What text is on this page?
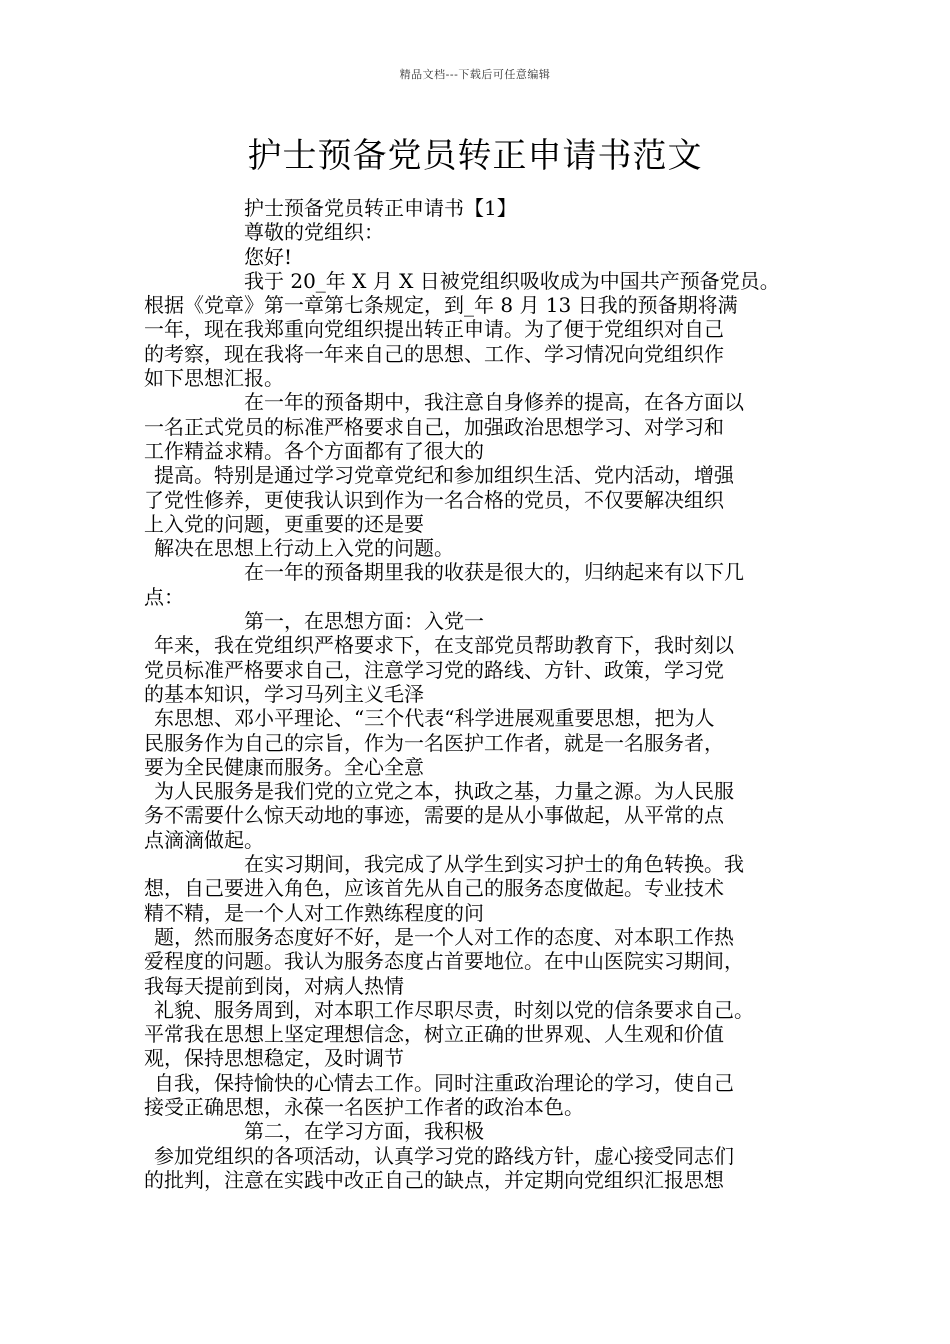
精品文档---下载后可任意编辑
护士预备党员转正申请书范文
护士预备党员转正申请书【1】
尊敬的党组织：
您好!
我于 20_年 X 月 X 日被党组织吸收成为中国共产预备党员。
根据《党章》第一章第七条规定，到_年 8 月 13 日我的预备期将满
一年，现在我郑重向党组织提出转正申请。为了便于党组织对自己
的考察，现在我将一年来自己的思想、工作、学习情况向党组织作
如下思想汇报。
在一年的预备期中，我注意自身修养的提高，在各方面以
一名正式党员的标准严格要求自己，加强政治思想学习、对学习和
工作精益求精。各个方面都有了很大的
提高。特别是通过学习党章党纪和参加组织生活、党内活动，增强
了党性修养，更使我认识到作为一名合格的党员，不仅要解决组织
上入党的问题，更重要的还是要
解决在思想上行动上入党的问题。
在一年的预备期里我的收获是很大的，归纳起来有以下几
点：
第一，在思想方面：入党一
年来，我在党组织严格要求下，在支部党员帮助教育下，我时刻以
党员标准严格要求自己，注意学习党的路线、方针、政策，学习党
的基本知识，学习马列主义毛泽
东思想、邓小平理论、“三个代表“科学进展观重要思想，把为人
民服务作为自己的宗旨，作为一名医护工作者，就是一名服务者，
要为全民健康而服务。全心全意
为人民服务是我们党的立党之本，执政之基，力量之源。为人民服
务不需要什么惊天动地的事迹，需要的是从小事做起，从平常的点
点滴滴做起。
在实习期间，我完成了从学生到实习护士的角色转换。我
想，自己要进入角色，应该首先从自己的服务态度做起。专业技术
精不精，是一个人对工作熟练程度的问
题，然而服务态度好不好，是一个人对工作的态度、对本职工作热
爱程度的问题。我认为服务态度占首要地位。在中山医院实习期间，
我每天提前到岗，对病人热情
礼貌、服务周到，对本职工作尽职尽责，时刻以党的信条要求自己。
平常我在思想上坚定理想信念，树立正确的世界观、人生观和价值
观，保持思想稳定，及时调节
自我，保持愉快的心情去工作。同时注重政治理论的学习，使自己
接受正确思想，永葆一名医护工作者的政治本色。
第二，在学习方面，我积极
参加党组织的各项活动，认真学习党的路线方针，虚心接受同志们
的批判，注意在实践中改正自己的缺点，并定期向党组织汇报思想
